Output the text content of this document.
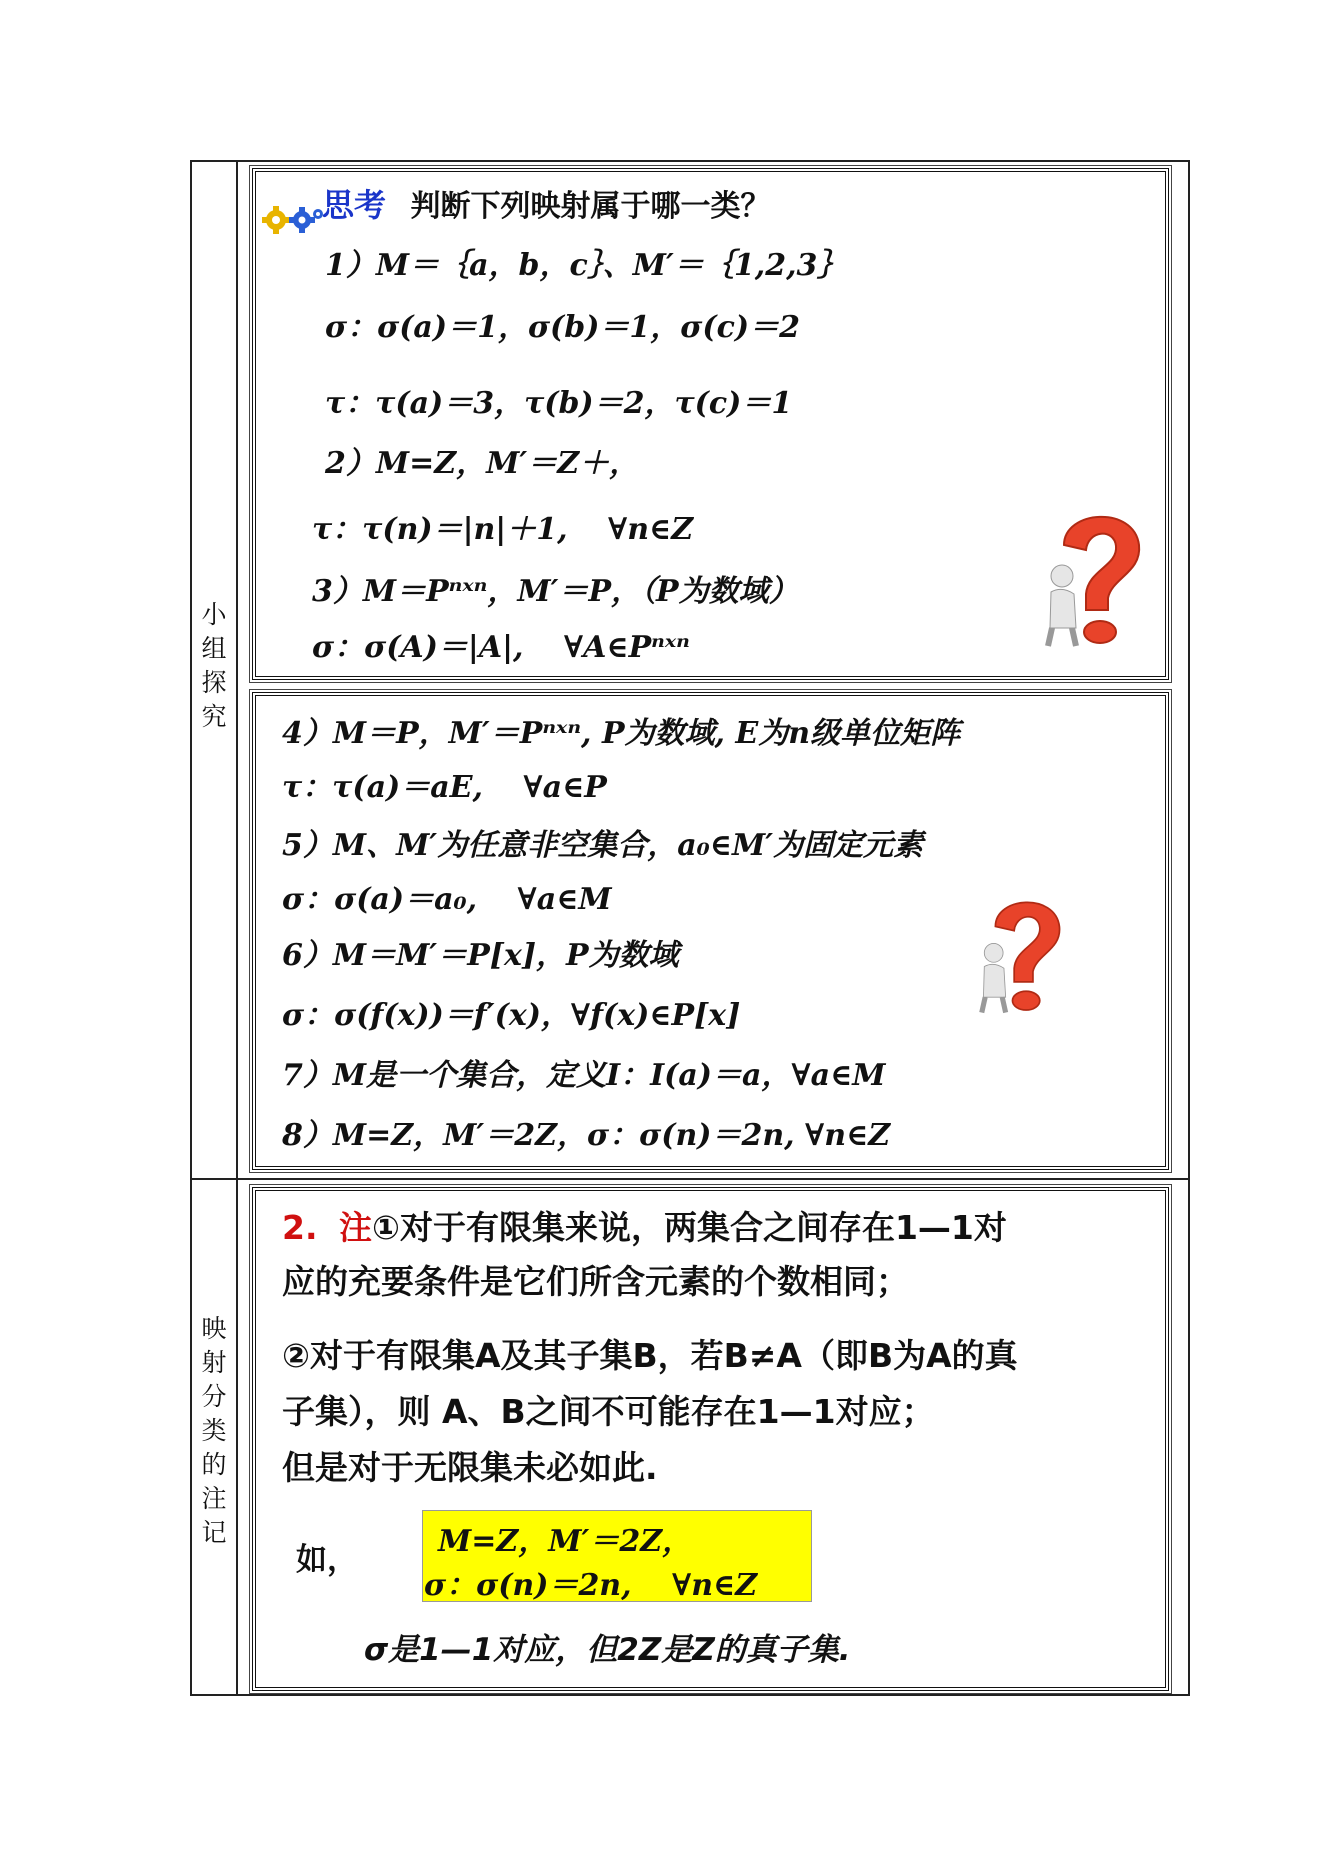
小
组
探
究
映
射
分
类
的
注
记
思考 判断下列映射属于哪一类？
1）M＝｛a，b，c｝、M′＝｛1,2,3｝
σ：σ(a)＝1，σ(b)＝1，σ(c)＝2
τ：τ(a)＝3，τ(b)＝2，τ(c)＝1
2）M=Z，M′＝Z＋，
τ：τ(n)＝|n|＋1,　 ∀n∈Z
3）M＝Pⁿˣⁿ，M′＝P，（P为数域）
σ：σ(A)＝|A|,　 ∀A∈Pⁿˣⁿ
4）M＝P，M′＝Pⁿˣⁿ, P为数域, E为n级单位矩阵
τ：τ(a)＝aE,　 ∀a∈P
5）M、M′为任意非空集合，a₀∈M′为固定元素
σ：σ(a)＝a₀,　 ∀a∈M
6）M＝M′＝P[x]，P为数域
σ：σ(f(x))＝f′(x)，∀f(x)∈P[x]
7）M是一个集合，定义I：I(a)＝a，∀a∈M
8）M=Z，M′＝2Z，σ：σ(n)＝2n, ∀n∈Z
2. 注①对于有限集来说，两集合之间存在1—1对
应的充要条件是它们所含元素的个数相同；
②对于有限集A及其子集B，若B≠A（即B为A的真
子集），则 A、B之间不可能存在1—1对应；
但是对于无限集未必如此.
如，
M=Z，M′＝2Z，
σ：σ(n)＝2n,　 ∀n∈Z
σ是1—1对应，但2Z是Z的真子集.
